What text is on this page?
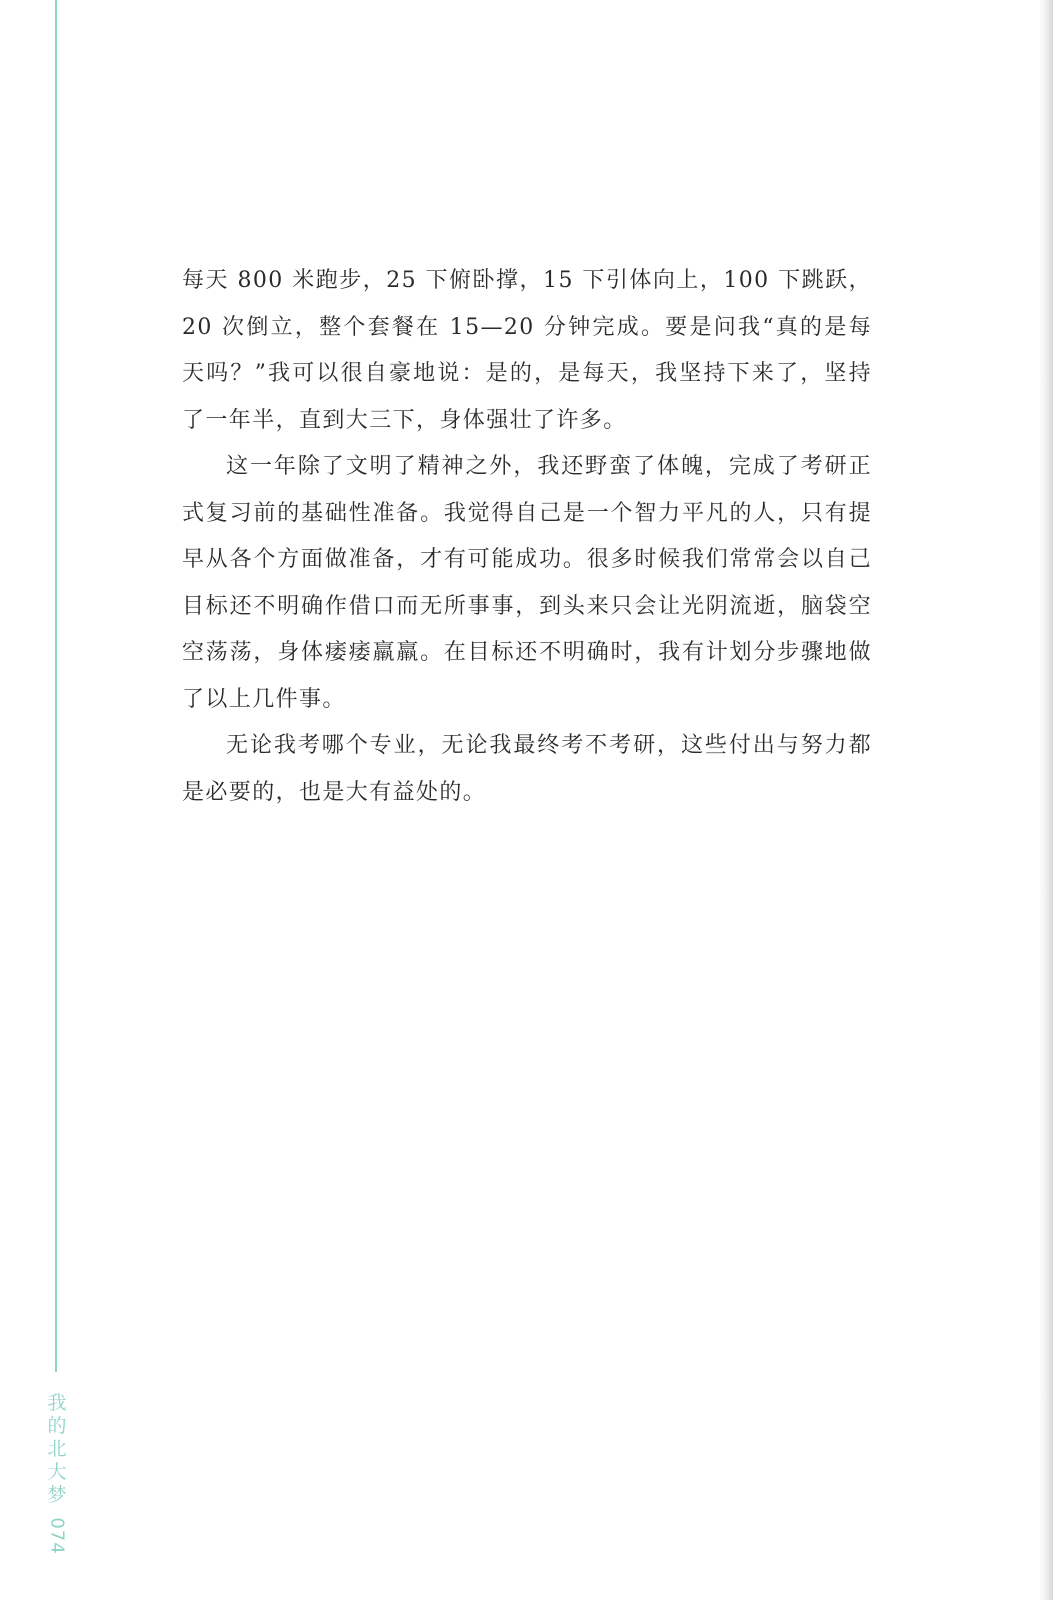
每天 800 米跑步，25 下俯卧撑，15 下引体向上，100 下跳跃，20 次倒立，整个套餐在 15—20 分钟完成。要是问我“真的是每天吗？”我可以很自豪地说：是的，是每天，我坚持下来了，坚持了一年半，直到大三下，身体强壮了许多。

这一年除了文明了精神之外，我还野蛮了体魄，完成了考研正式复习前的基础性准备。我觉得自己是一个智力平凡的人，只有提早从各个方面做准备，才有可能成功。很多时候我们常常会以自己目标还不明确作借口而无所事事，到头来只会让光阴流逝，脑袋空空荡荡，身体痿痿羸羸。在目标还不明确时，我有计划分步骤地做了以上几件事。

无论我考哪个专业，无论我最终考不考研，这些付出与努力都是必要的，也是大有益处的。

我的北大梦
074
